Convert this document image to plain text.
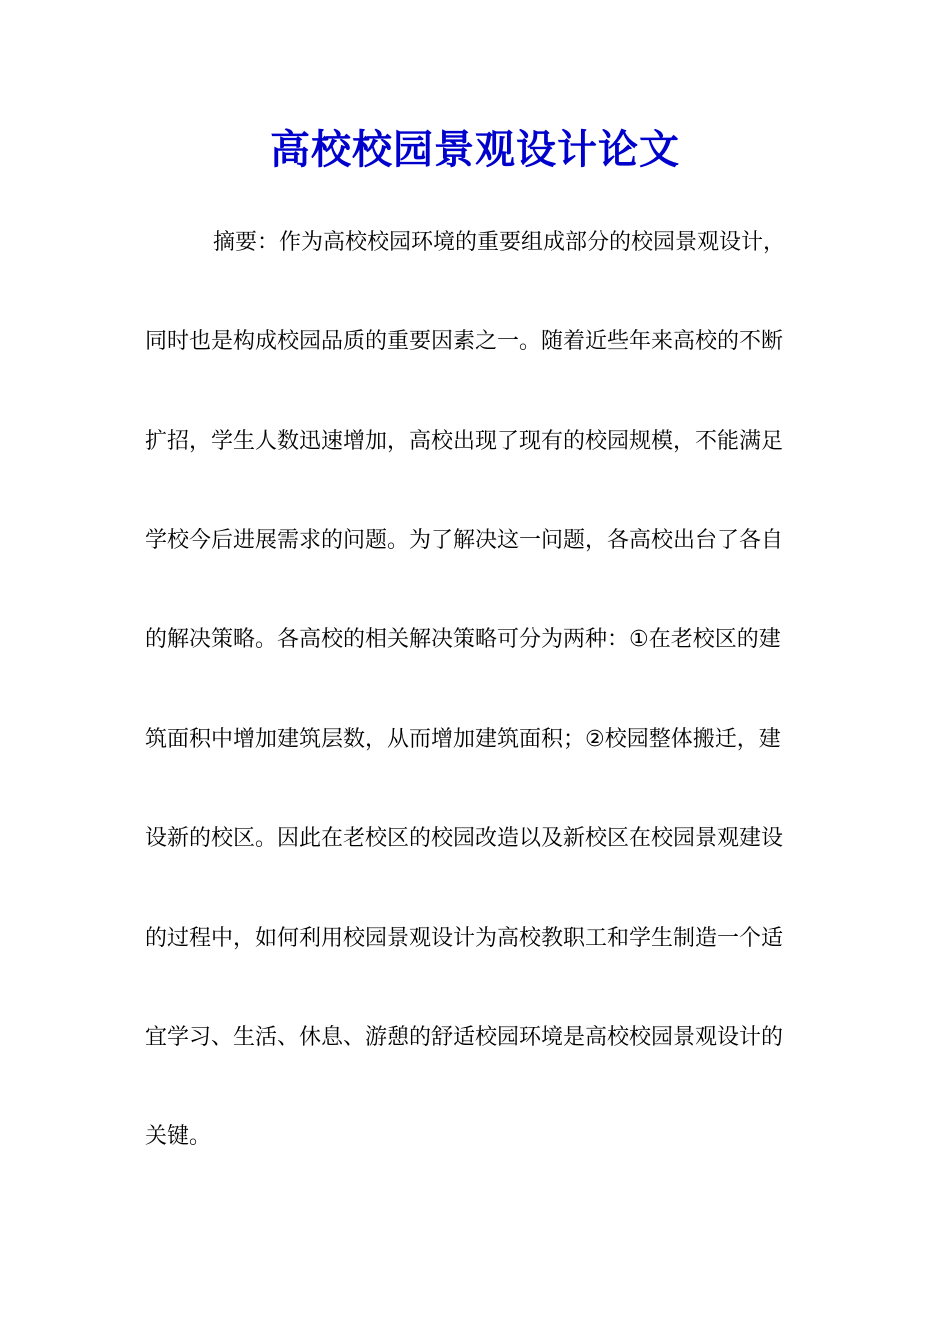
高校校园景观设计论文
摘要：作为高校校园环境的重要组成部分的校园景观设计，
同时也是构成校园品质的重要因素之一。随着近些年来高校的不断
扩招，学生人数迅速增加，高校出现了现有的校园规模，不能满足
学校今后进展需求的问题。为了解决这一问题，各高校出台了各自
的解决策略。各高校的相关解决策略可分为两种：①在老校区的建
筑面积中增加建筑层数，从而增加建筑面积；②校园整体搬迁，建
设新的校区。因此在老校区的校园改造以及新校区在校园景观建设
的过程中，如何利用校园景观设计为高校教职工和学生制造一个适
宜学习、生活、休息、游憩的舒适校园环境是高校校园景观设计的
关键。
